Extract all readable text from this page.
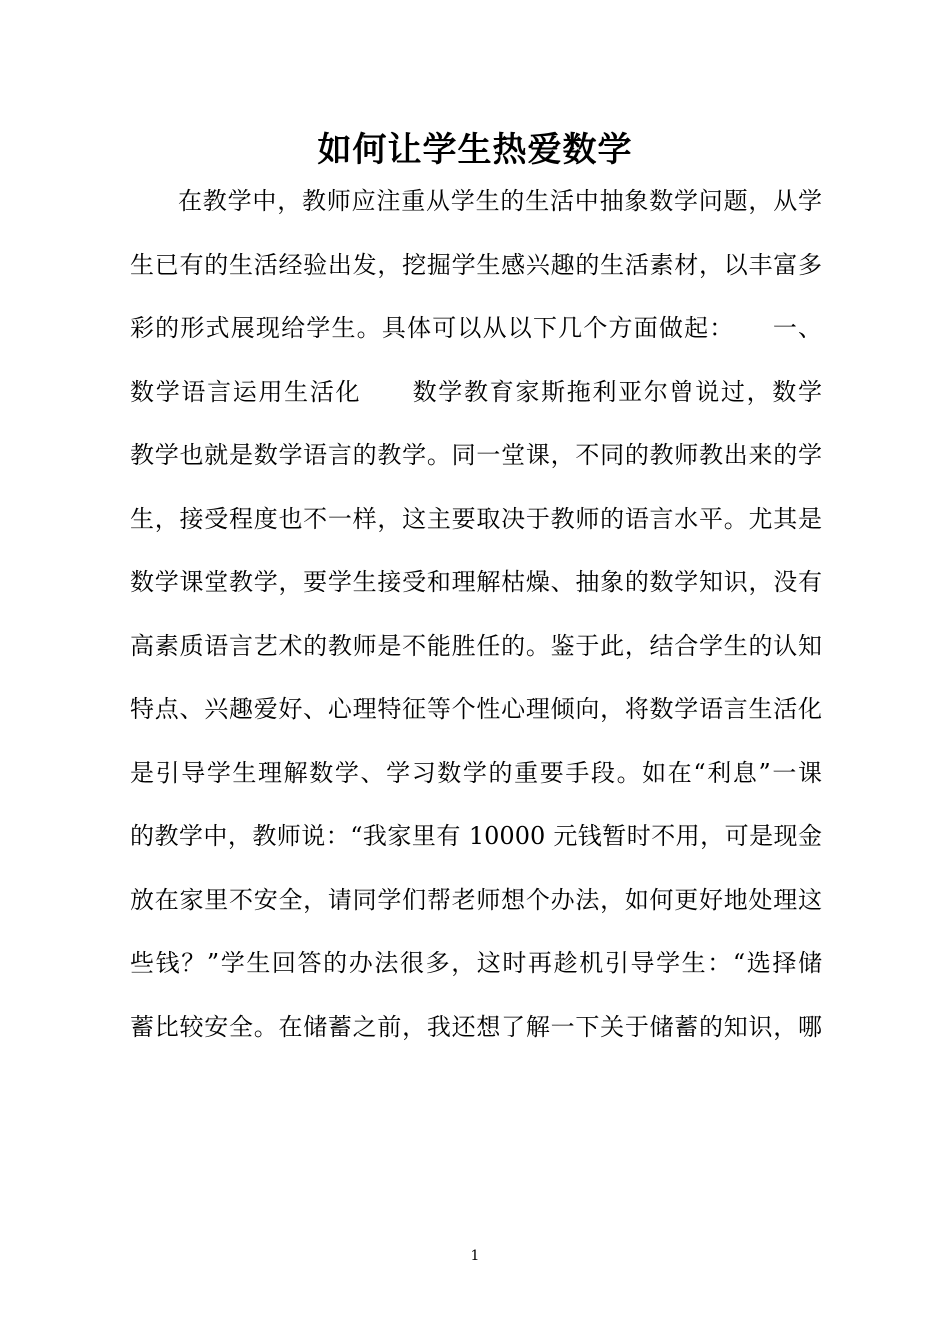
如何让学生热爱数学
在教学中，教师应注重从学生的生活中抽象数学问题，从学
生已有的生活经验出发，挖掘学生感兴趣的生活素材，以丰富多
彩的形式展现给学生。具体可以从以下几个方面做起：　　一、
数学语言运用生活化　　数学教育家斯拖利亚尔曾说过，数学
教学也就是数学语言的教学。同一堂课，不同的教师教出来的学
生，接受程度也不一样，这主要取决于教师的语言水平。尤其是
数学课堂教学，要学生接受和理解枯燥、抽象的数学知识，没有
高素质语言艺术的教师是不能胜任的。鉴于此，结合学生的认知
特点、兴趣爱好、心理特征等个性心理倾向，将数学语言生活化
是引导学生理解数学、学习数学的重要手段。如在“利息”一课
的教学中，教师说：“我家里有 10000 元钱暂时不用，可是现金
放在家里不安全，请同学们帮老师想个办法，如何更好地处理这
些钱？”学生回答的办法很多，这时再趁机引导学生：“选择储
蓄比较安全。在储蓄之前，我还想了解一下关于储蓄的知识，哪
1
